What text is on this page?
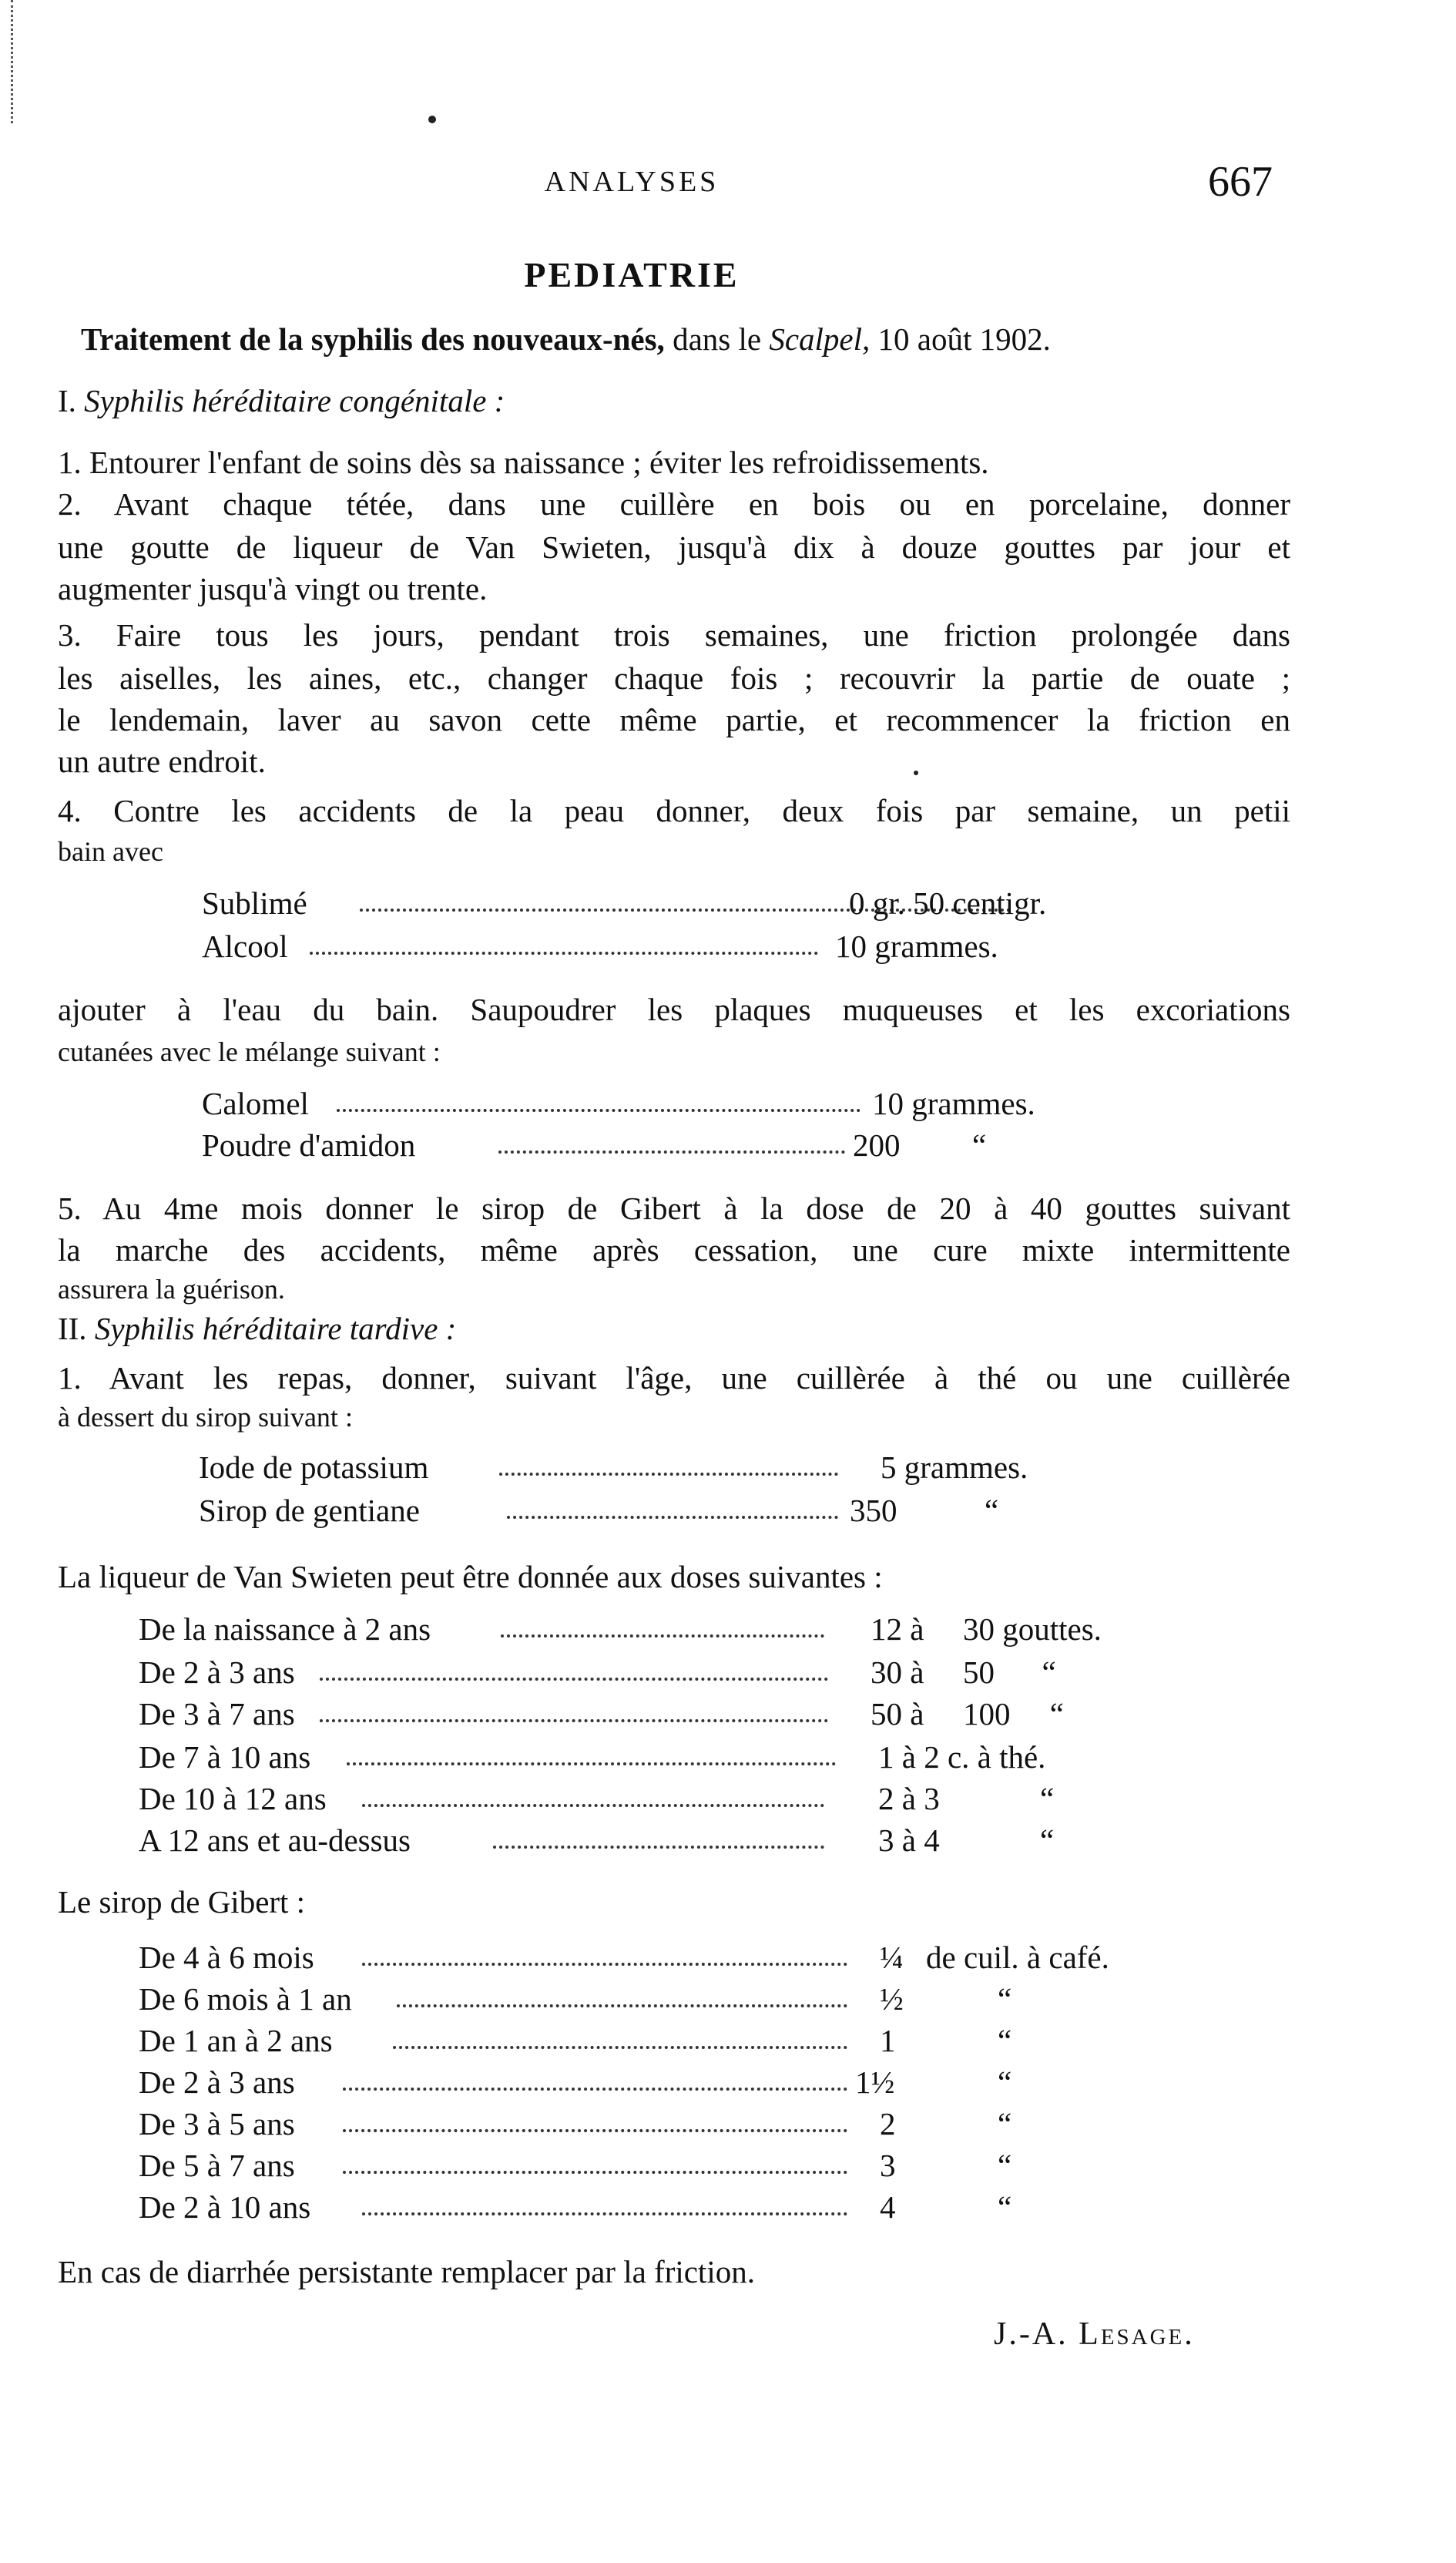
ANALYSES	667
PEDIATRIE
Traitement de la syphilis des nouveaux-nés, dans le Scalpel, 10 août 1902.
I. Syphilis héréditaire congénitale :
1. Entourer l'enfant de soins dès sa naissance ; éviter les refroidissements.
2. Avant chaque tétée, dans une cuillère en bois ou en porcelaine, donner
une goutte de liqueur de Van Swieten, jusqu'à dix à douze gouttes par jour et
augmenter jusqu'à vingt ou trente.
3. Faire tous les jours, pendant trois semaines, une friction prolongée dans
les aiselles, les aines, etc., changer chaque fois ; recouvrir la partie de ouate ;
le lendemain, laver au savon cette même partie, et recommencer la friction en
un autre endroit.
4. Contre les accidents de la peau donner, deux fois par semaine, un petii
bain avec
Sublimé	0 gr. 50 centigr.
Alcool	10 grammes.
ajouter à l'eau du bain. Saupoudrer les plaques muqueuses et les excoriations
cutanées avec le mélange suivant :
Calomel	10 grammes.
Poudre d'amidon	200 “
5. Au 4me mois donner le sirop de Gibert à la dose de 20 à 40 gouttes suivant
la marche des accidents, même après cessation, une cure mixte intermittente
assurera la guérison.
II. Syphilis héréditaire tardive :
1. Avant les repas, donner, suivant l'âge, une cuillèrée à thé ou une cuillèrée
à dessert du sirop suivant :
Iode de potassium	5 grammes.
Sirop de gentiane	350	“
La liqueur de Van Swieten peut être donnée aux doses suivantes :
De la naissance à 2 ans	12 à 30 gouttes.
De 2 à 3 ans	30 à 50      “
De 3 à 7 ans	50 à 100     “
De 7 à 10 ans	1 à 2 c. à thé.
De 10 à 12 ans	2 à 3	“
A 12 ans et au-dessus	3 à 4	“
Le sirop de Gibert :
De 4 à 6 mois	¼ de cuil. à café.
De 6 mois à 1 an	½	“
De 1 an à 2 ans	1	“
De 2 à 3 ans	1½	“
De 3 à 5 ans	2	“
De 5 à 7 ans	3	“
De 2 à 10 ans	4	“
En cas de diarrhée persistante remplacer par la friction.
J.-A. Lesage.
